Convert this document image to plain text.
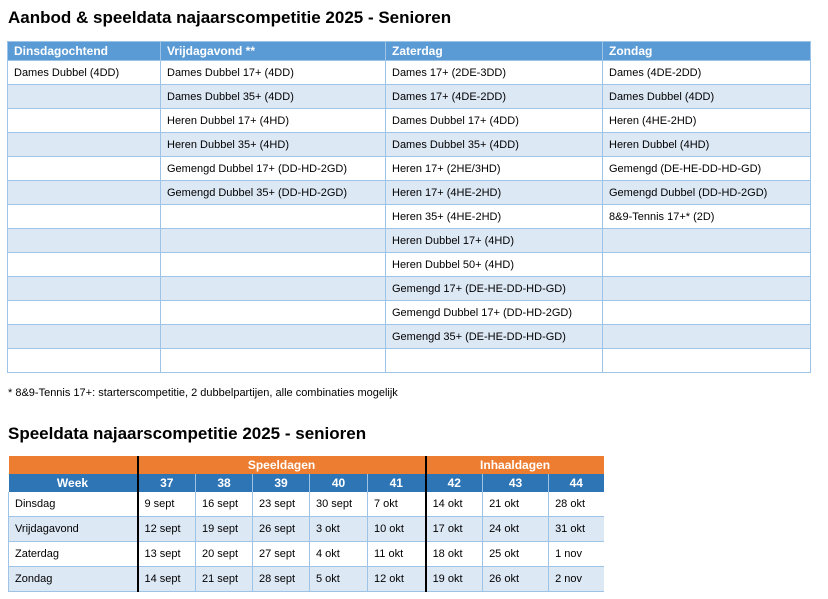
Aanbod & speeldata najaarscompetitie 2025 - Senioren
Dinsdagochtend	Vrijdagavond **	Zaterdag	Zondag
Dames Dubbel (4DD)	Dames Dubbel 17+ (4DD)	Dames 17+ (2DE-3DD)	Dames (4DE-2DD)
	Dames Dubbel 35+ (4DD)	Dames 17+ (4DE-2DD)	Dames Dubbel (4DD)
	Heren Dubbel 17+ (4HD)	Dames Dubbel 17+ (4DD)	Heren (4HE-2HD)
	Heren Dubbel 35+ (4HD)	Dames Dubbel 35+ (4DD)	Heren Dubbel (4HD)
	Gemengd Dubbel 17+ (DD-HD-2GD)	Heren 17+ (2HE/3HD)	Gemengd (DE-HE-DD-HD-GD)
	Gemengd Dubbel 35+ (DD-HD-2GD)	Heren 17+ (4HE-2HD)	Gemengd Dubbel (DD-HD-2GD)
		Heren 35+ (4HE-2HD)	8&9-Tennis 17+* (2D)
		Heren Dubbel 17+ (4HD)	
		Heren Dubbel 50+ (4HD)	
		Gemengd 17+ (DE-HE-DD-HD-GD)	
		Gemengd Dubbel 17+ (DD-HD-2GD)	
		Gemengd 35+ (DE-HE-DD-HD-GD)	

* 8&9-Tennis 17+: starterscompetitie, 2 dubbelpartijen, alle combinaties mogelijk
Speeldata najaarscompetitie 2025 - senioren
	Speeldagen					Inhaaldagen		
Week	37	38	39	40	41	42	43	44
Dinsdag	9 sept	16 sept	23 sept	30 sept	7 okt	14 okt	21 okt	28 okt
Vrijdagavond	12 sept	19 sept	26 sept	3 okt	10 okt	17 okt	24 okt	31 okt
Zaterdag	13 sept	20 sept	27 sept	4 okt	11 okt	18 okt	25 okt	1 nov
Zondag	14 sept	21 sept	28 sept	5 okt	12 okt	19 okt	26 okt	2 nov
